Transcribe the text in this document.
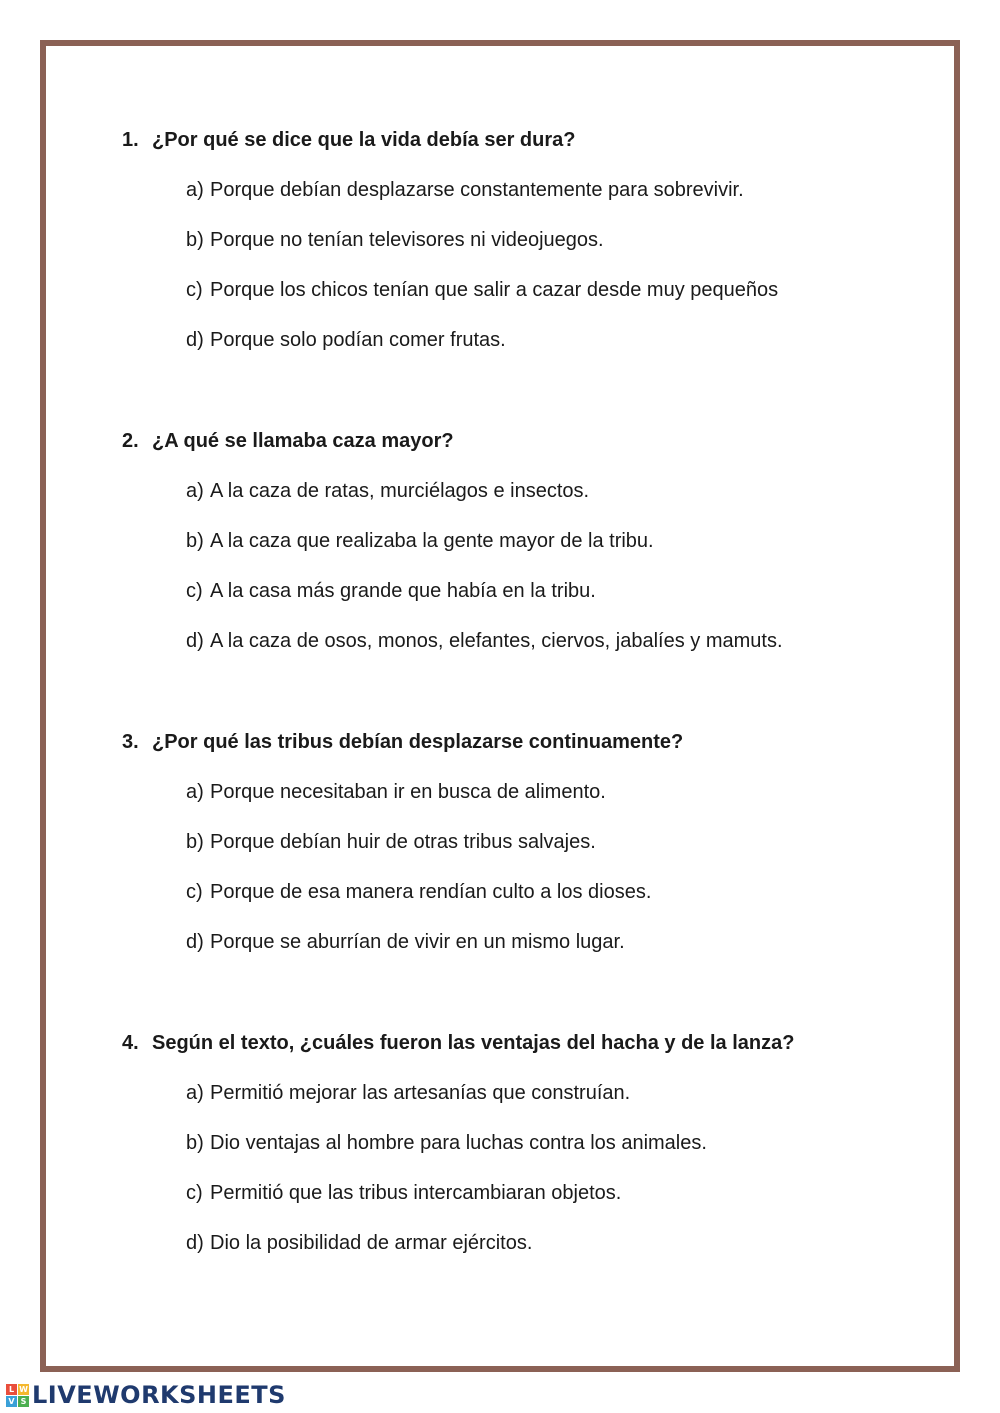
1. ¿Por qué se dice que la vida debía ser dura?
a) Porque debían desplazarse constantemente para sobrevivir.
b) Porque no tenían televisores ni videojuegos.
c) Porque los chicos tenían que salir a cazar desde muy pequeños
d) Porque solo podían comer frutas.
2. ¿A qué se llamaba caza mayor?
a) A la caza de ratas, murciélagos e insectos.
b) A la caza que realizaba la gente mayor de la tribu.
c) A la casa más grande que había en la tribu.
d) A la caza de osos, monos, elefantes, ciervos, jabalíes y mamuts.
3. ¿Por qué las tribus debían desplazarse continuamente?
a) Porque necesitaban ir en busca de alimento.
b) Porque debían huir de otras tribus salvajes.
c) Porque de esa manera rendían culto a los dioses.
d) Porque se aburrían de vivir en un mismo lugar.
4. Según el texto, ¿cuáles fueron las ventajas del hacha y de la lanza?
a) Permitió mejorar las artesanías que construían.
b) Dio ventajas al hombre para luchas contra los animales.
c) Permitió que las tribus intercambiaran objetos.
d) Dio la posibilidad de armar ejércitos.
L W
V S LIVEWORKSHEETS
